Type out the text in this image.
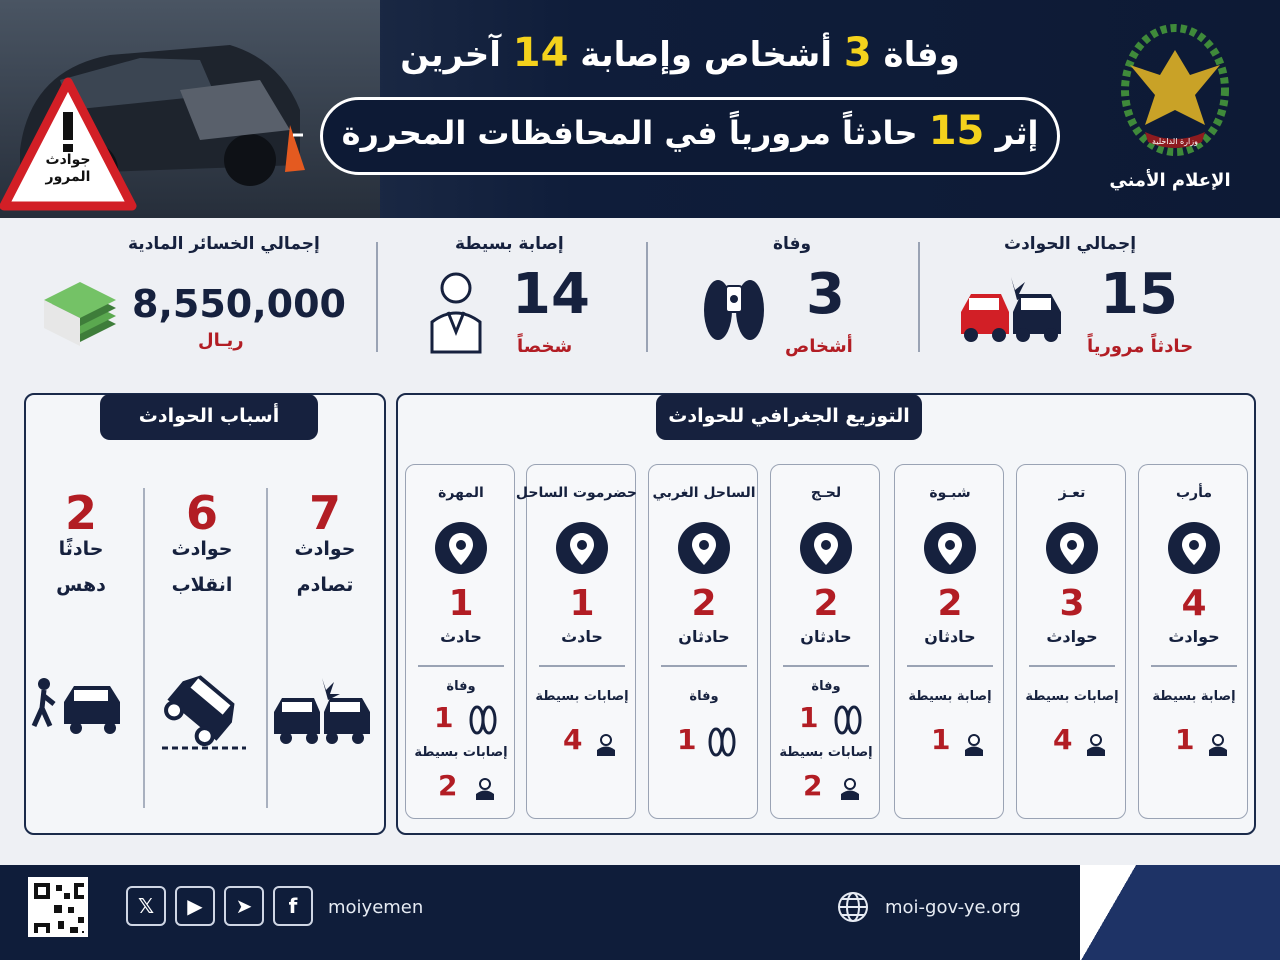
جوادث المرور
وفاة 3 أشخاص وإصابة 14 آخرين
إثر 15 حادثاً مرورياً في المحافظات المحررة	وزارة الداخلية
الإعلام الأمني
إجمالي الحوادث
15
حادثاً مرورياً
وفاة
3
أشخاص
إصابة بسيطة
14
شخصاً
إجمالي الخسائر المادية
8,550,000
ريـال
أسباب الحوادث
7
حوادث
تصادم
6
حوادث
انقلاب
2
حادثًا
دهس
التوزيع الجغرافي للحوادث
مأرب
4
حوادث
إصابة بسيطة
1
تعـز
3
حوادث
إصابات بسيطة
4
شبـوة
2
حادثان
إصابة بسيطة
1
لحـج
2
حادثان
وفاة
1
إصابات بسيطة
2
الساحل الغربي
2
حادثان
وفاة
1
حضرموت الساحل
1
حادث
إصابات بسيطة
4
المهرة
1
حادث
وفاة
1
إصابات بسيطة
2
𝕏	▶	➤	f	moiyemen	moi-gov-ye.org
